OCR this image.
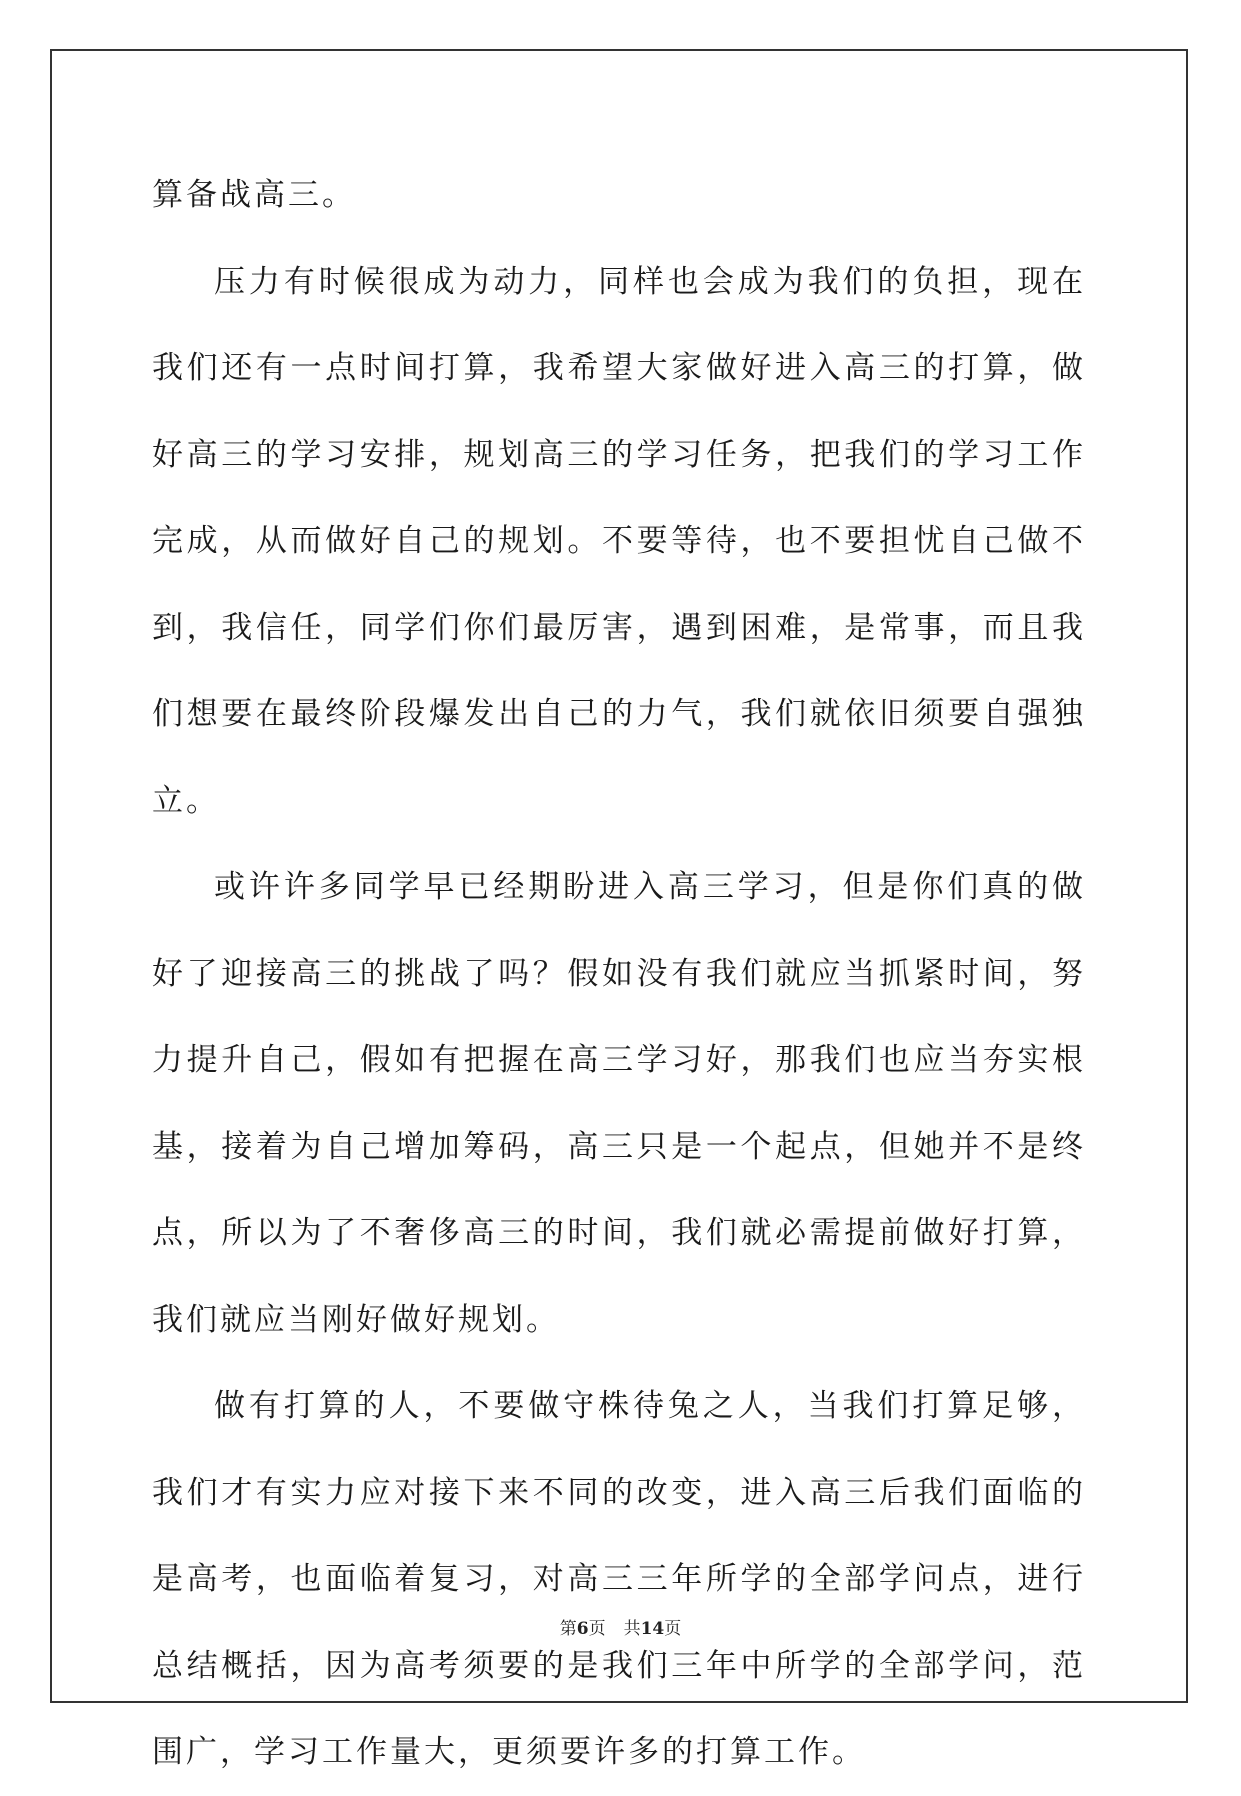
算备战高三。

压力有时候很成为动力，同样也会成为我们的负担，现在我们还有一点时间打算，我希望大家做好进入高三的打算，做好高三的学习安排，规划高三的学习任务，把我们的学习工作完成，从而做好自己的规划。不要等待，也不要担忧自己做不到，我信任，同学们你们最厉害，遇到困难，是常事，而且我们想要在最终阶段爆发出自己的力气，我们就依旧须要自强独立。

或许许多同学早已经期盼进入高三学习，但是你们真的做好了迎接高三的挑战了吗？假如没有我们就应当抓紧时间，努力提升自己，假如有把握在高三学习好，那我们也应当夯实根基，接着为自己增加筹码，高三只是一个起点，但她并不是终点，所以为了不奢侈高三的时间，我们就必需提前做好打算，我们就应当刚好做好规划。

做有打算的人，不要做守株待兔之人，当我们打算足够，我们才有实力应对接下来不同的改变，进入高三后我们面临的是高考，也面临着复习，对高三三年所学的全部学问点，进行总结概括，因为高考须要的是我们三年中所学的全部学问，范围广，学习工作量大，更须要许多的打算工作。

第6页 共14页
